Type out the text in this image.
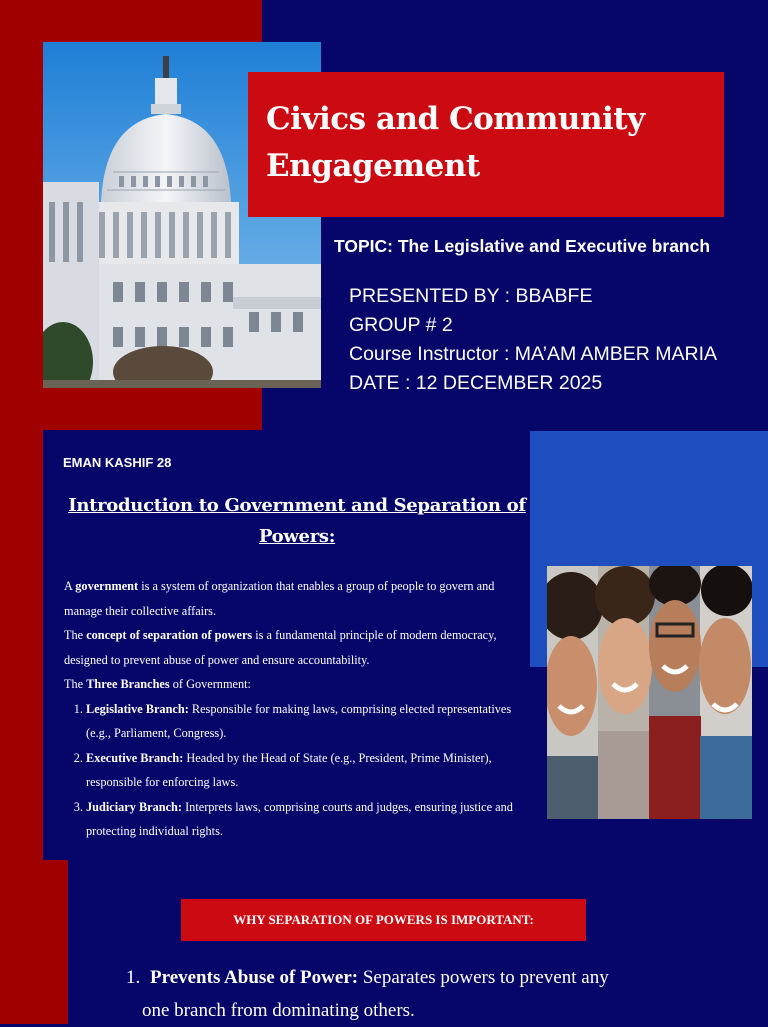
Civics and Community
Engagement
TOPIC: The Legislative and Executive branch
PRESENTED BY : BBABFE
GROUP # 2
Course Instructor : MA’AM AMBER MARIA
DATE : 12 DECEMBER 2025
EMAN KASHIF 28
Introduction to Government and Separation of Powers:

A government is a system of organization that enables a group of people to govern and manage their collective affairs.

The concept of separation of powers is a fundamental principle of modern democracy, designed to prevent abuse of power and ensure accountability.

The Three Branches of Government:

1. Legislative Branch: Responsible for making laws, comprising elected representatives (e.g., Parliament, Congress).
2. Executive Branch: Headed by the Head of State (e.g., President, Prime Minister), responsible for enforcing laws.
3. Judiciary Branch: Interprets laws, comprising courts and judges, ensuring justice and protecting individual rights.
WHY SEPARATION OF POWERS IS IMPORTANT:
1. Prevents Abuse of Power: Separates powers to prevent any
one branch from dominating others.
